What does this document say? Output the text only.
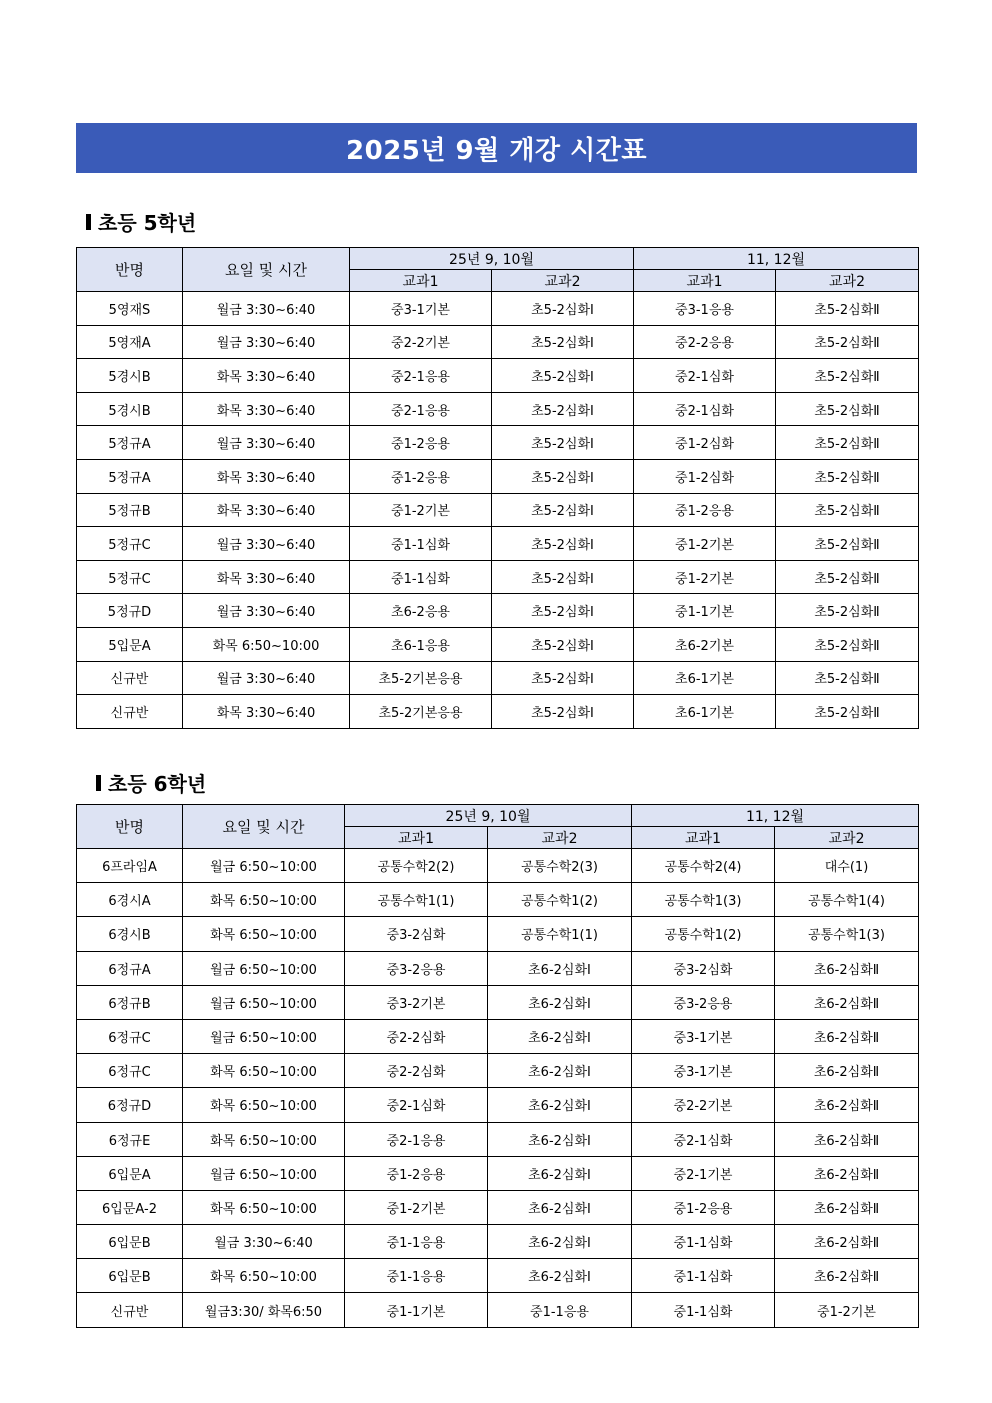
2025년 9월 개강 시간표
초등 5학년
반명	요일 및 시간	25년 9, 10월		11, 12월	
		교과1	교과2	교과1	교과2
5영재S	월금 3:30~6:40	중3-1기본	초5-2심화Ⅰ	중3-1응용	초5-2심화Ⅱ
5영재A	월금 3:30~6:40	중2-2기본	초5-2심화Ⅰ	중2-2응용	초5-2심화Ⅱ
5경시B	화목 3:30~6:40	중2-1응용	초5-2심화Ⅰ	중2-1심화	초5-2심화Ⅱ
5경시B	화목 3:30~6:40	중2-1응용	초5-2심화Ⅰ	중2-1심화	초5-2심화Ⅱ
5정규A	월금 3:30~6:40	중1-2응용	초5-2심화Ⅰ	중1-2심화	초5-2심화Ⅱ
5정규A	화목 3:30~6:40	중1-2응용	초5-2심화Ⅰ	중1-2심화	초5-2심화Ⅱ
5정규B	화목 3:30~6:40	중1-2기본	초5-2심화Ⅰ	중1-2응용	초5-2심화Ⅱ
5정규C	월금 3:30~6:40	중1-1심화	초5-2심화Ⅰ	중1-2기본	초5-2심화Ⅱ
5정규C	화목 3:30~6:40	중1-1심화	초5-2심화Ⅰ	중1-2기본	초5-2심화Ⅱ
5정규D	월금 3:30~6:40	초6-2응용	초5-2심화Ⅰ	중1-1기본	초5-2심화Ⅱ
5입문A	화목 6:50~10:00	초6-1응용	초5-2심화Ⅰ	초6-2기본	초5-2심화Ⅱ
신규반	월금 3:30~6:40	초5-2기본응용	초5-2심화Ⅰ	초6-1기본	초5-2심화Ⅱ
신규반	화목 3:30~6:40	초5-2기본응용	초5-2심화Ⅰ	초6-1기본	초5-2심화Ⅱ
초등 6학년
반명	요일 및 시간	25년 9, 10월		11, 12월	
		교과1	교과2	교과1	교과2
6프라임A	월금 6:50~10:00	공통수학2(2)	공통수학2(3)	공통수학2(4)	대수(1)
6경시A	화목 6:50~10:00	공통수학1(1)	공통수학1(2)	공통수학1(3)	공통수학1(4)
6경시B	화목 6:50~10:00	중3-2심화	공통수학1(1)	공통수학1(2)	공통수학1(3)
6정규A	월금 6:50~10:00	중3-2응용	초6-2심화Ⅰ	중3-2심화	초6-2심화Ⅱ
6정규B	월금 6:50~10:00	중3-2기본	초6-2심화Ⅰ	중3-2응용	초6-2심화Ⅱ
6정규C	월금 6:50~10:00	중2-2심화	초6-2심화Ⅰ	중3-1기본	초6-2심화Ⅱ
6정규C	화목 6:50~10:00	중2-2심화	초6-2심화Ⅰ	중3-1기본	초6-2심화Ⅱ
6정규D	화목 6:50~10:00	중2-1심화	초6-2심화Ⅰ	중2-2기본	초6-2심화Ⅱ
6정규E	화목 6:50~10:00	중2-1응용	초6-2심화Ⅰ	중2-1심화	초6-2심화Ⅱ
6입문A	월금 6:50~10:00	중1-2응용	초6-2심화Ⅰ	중2-1기본	초6-2심화Ⅱ
6입문A-2	화목 6:50~10:00	중1-2기본	초6-2심화Ⅰ	중1-2응용	초6-2심화Ⅱ
6입문B	월금 3:30~6:40	중1-1응용	초6-2심화Ⅰ	중1-1심화	초6-2심화Ⅱ
6입문B	화목 6:50~10:00	중1-1응용	초6-2심화Ⅰ	중1-1심화	초6-2심화Ⅱ
신규반	월금3:30/ 화목6:50	중1-1기본	중1-1응용	중1-1심화	중1-2기본
